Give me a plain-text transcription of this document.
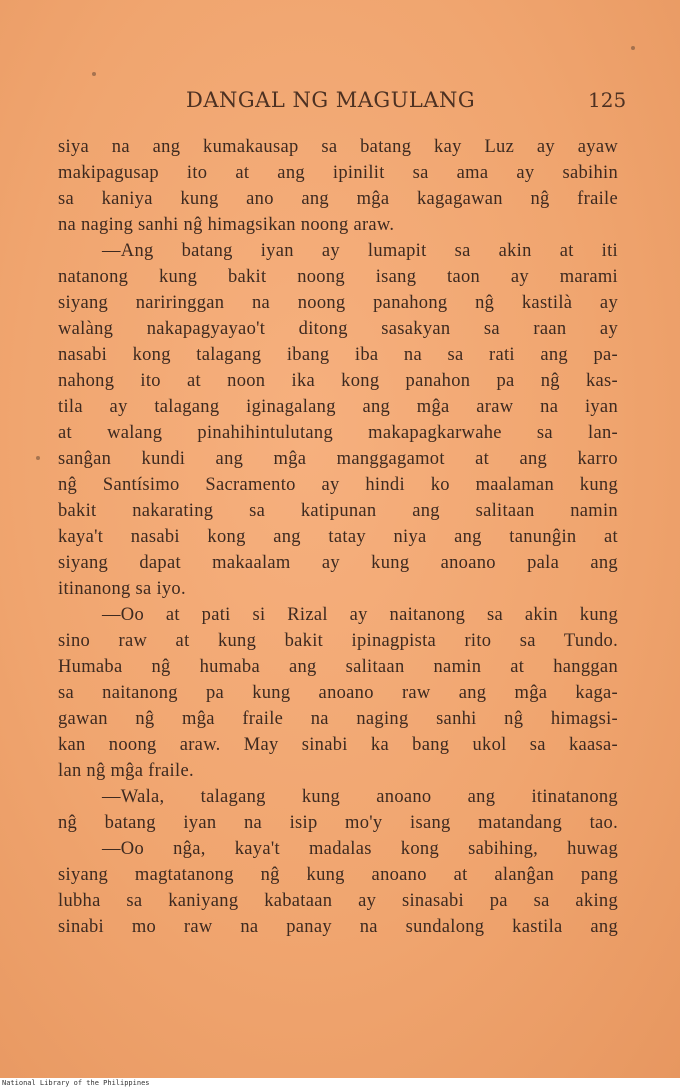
DANGAL NG MAGULANG	125
siya na ang kumakausap sa batang kay Luz ay ayaw
makipagusap ito at ang ipinilit sa ama ay sabihin
sa kaniya kung ano ang mĝa kagagawan nĝ fraile
na naging sanhi nĝ himagsikan noong araw.
—Ang batang iyan ay lumapit sa akin at iti
natanong kung bakit noong isang taon ay marami
siyang nariringgan na noong panahong nĝ kastilà ay
walàng nakapagyayao't ditong sasakyan sa raan ay
nasabi kong talagang ibang iba na sa rati ang pa-
nahong ito at noon ika kong panahon pa nĝ kas-
tila ay talagang iginagalang ang mĝa araw na iyan
at walang pinahihintulutang makapagkarwahe sa lan-
sanĝan kundi ang mĝa manggagamot at ang karro
nĝ Santísimo Sacramento ay hindi ko maalaman kung
bakit nakarating sa katipunan ang salitaan namin
kaya't nasabi kong ang tatay niya ang tanunĝin at
siyang dapat makaalam ay kung anoano pala ang
itinanong sa iyo.
—Oo at pati si Rizal ay naitanong sa akin kung
sino raw at kung bakit ipinagpista rito sa Tundo.
Humaba nĝ humaba ang salitaan namin at hanggan
sa naitanong pa kung anoano raw ang mĝa kaga-
gawan nĝ mĝa fraile na naging sanhi nĝ himagsi-
kan noong araw. May sinabi ka bang ukol sa kaasa-
lan nĝ mĝa fraile.
—Wala, talagang kung anoano ang itinatanong
nĝ batang iyan na isip mo'y isang matandang tao.
—Oo nĝa, kaya't madalas kong sabihing, huwag
siyang magtatanong nĝ kung anoano at alanĝan pang
lubha sa kaniyang kabataan ay sinasabi pa sa aking
sinabi mo raw na panay na sundalong kastila ang
National Library of the Philippines
